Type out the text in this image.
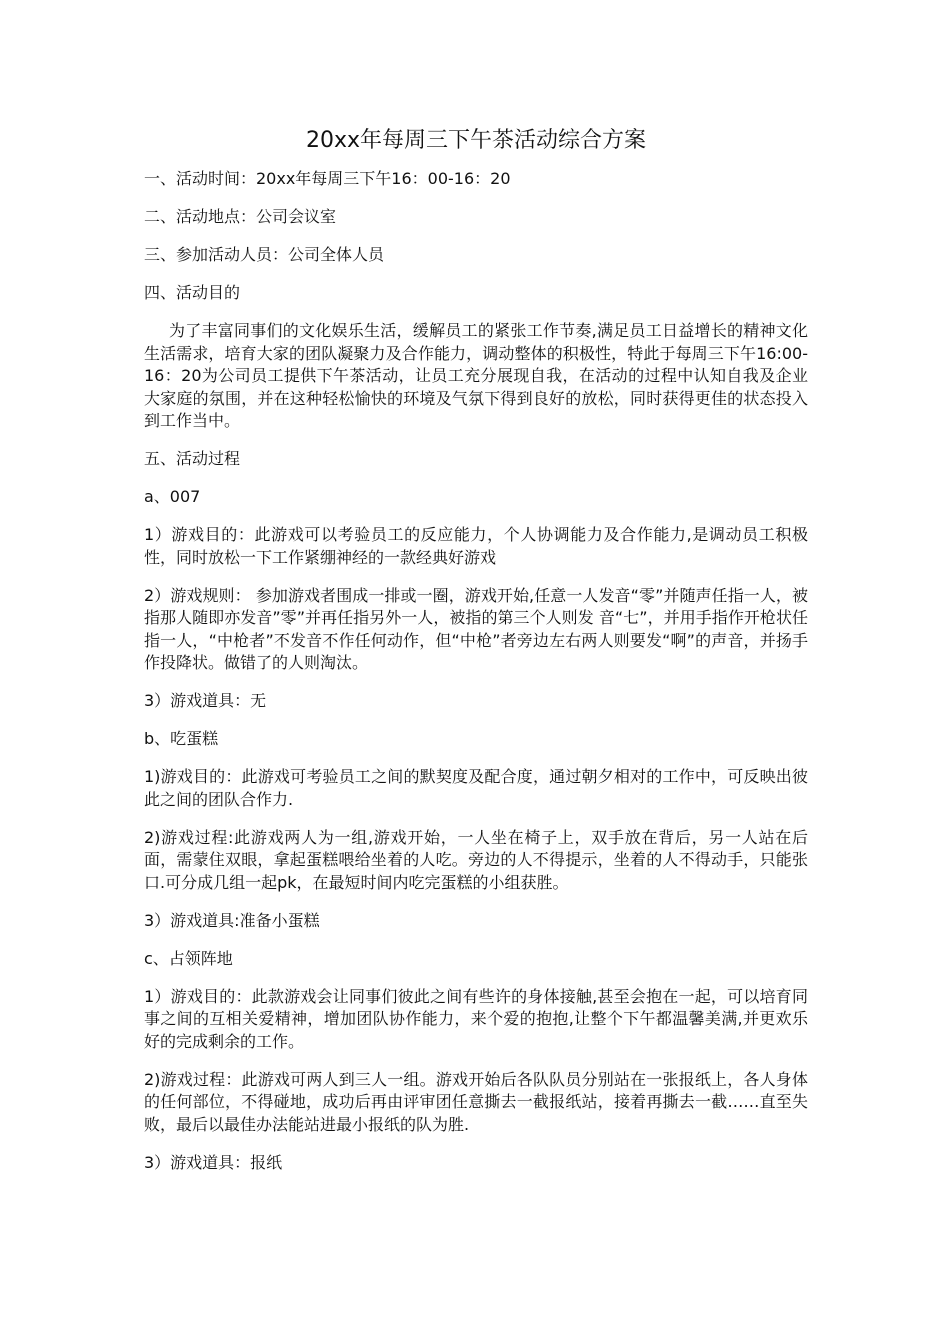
20xx年每周三下午茶活动综合方案

一、活动时间：20xx年每周三下午16：00-16：20

二、活动地点：公司会议室

三、参加活动人员：公司全体人员

四、活动目的

为了丰富同事们的文化娱乐生活，缓解员工的紧张工作节奏,满足员工日益增长的精神文化生活需求，培育大家的团队凝聚力及合作能力，调动整体的积极性，特此于每周三下午16:00-16：20为公司员工提供下午茶活动，让员工充分展现自我，在活动的过程中认知自我及企业大家庭的氛围，并在这种轻松愉快的环境及气氛下得到良好的放松，同时获得更佳的状态投入到工作当中。

五、活动过程

a、007

1）游戏目的：此游戏可以考验员工的反应能力，个人协调能力及合作能力,是调动员工积极性，同时放松一下工作紧绷神经的一款经典好游戏

2）游戏规则： 参加游戏者围成一排或一圈，游戏开始,任意一人发音“零”并随声任指一人，被指那人随即亦发音”零”并再任指另外一人，被指的第三个人则发 音“七”，并用手指作开枪状任指一人，“中枪者”不发音不作任何动作，但“中枪”者旁边左右两人则要发“啊”的声音，并扬手作投降状。做错了的人则淘汰。

3）游戏道具：无

b、吃蛋糕

1)游戏目的：此游戏可考验员工之间的默契度及配合度，通过朝夕相对的工作中，可反映出彼此之间的团队合作力.

2)游戏过程:此游戏两人为一组,游戏开始，一人坐在椅子上，双手放在背后，另一人站在后面，需蒙住双眼，拿起蛋糕喂给坐着的人吃。旁边的人不得提示，坐着的人不得动手，只能张口.可分成几组一起pk，在最短时间内吃完蛋糕的小组获胜。

3）游戏道具:准备小蛋糕

c、占领阵地

1）游戏目的：此款游戏会让同事们彼此之间有些许的身体接触,甚至会抱在一起，可以培育同事之间的互相关爱精神，增加团队协作能力，来个爱的抱抱,让整个下午都温馨美满,并更欢乐好的完成剩余的工作。

2)游戏过程：此游戏可两人到三人一组。游戏开始后各队队员分别站在一张报纸上，各人身体的任何部位，不得碰地，成功后再由评审团任意撕去一截报纸站，接着再撕去一截……直至失败，最后以最佳办法能站进最小报纸的队为胜.

3）游戏道具：报纸
